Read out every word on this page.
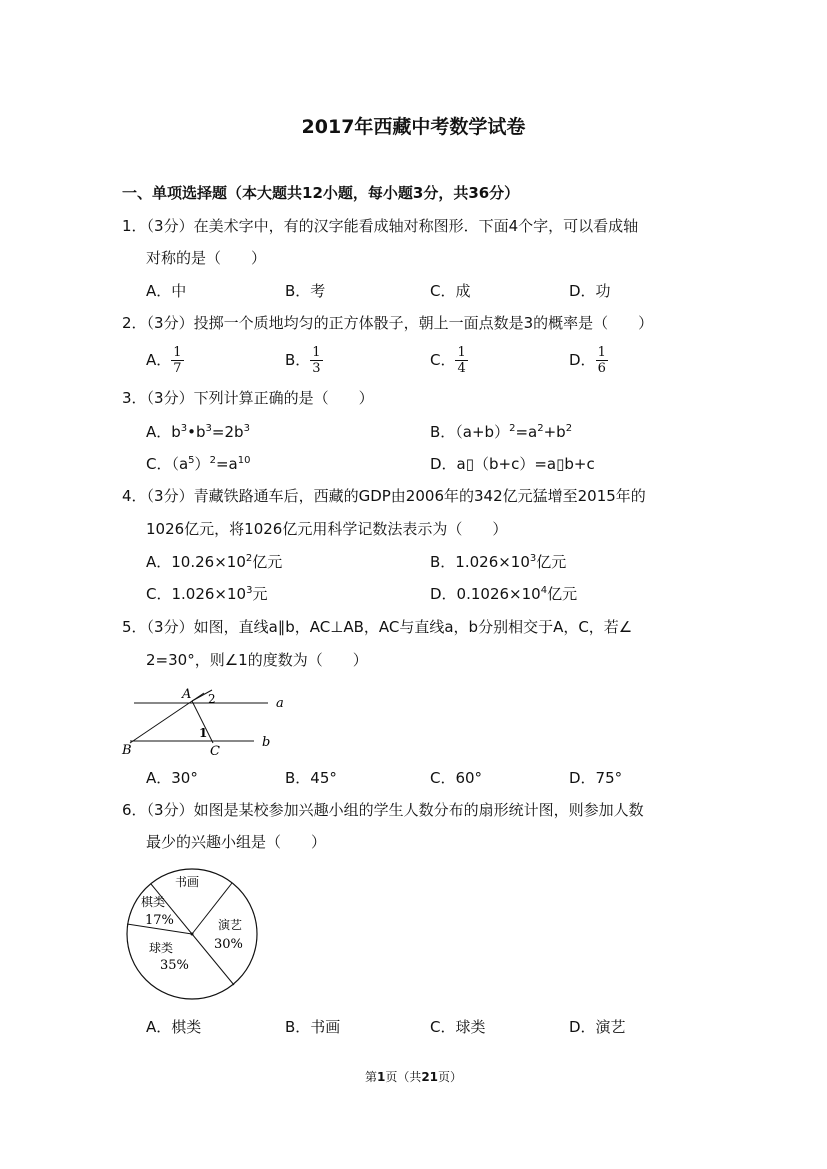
2017年西藏中考数学试卷
一、单项选择题（本大题共12小题，每小题3分，共36分）
1．（3分）在美术字中，有的汉字能看成轴对称图形．下面4个字，可以看成轴
对称的是（　　）
A．中	B．考	C．成	D．功
2．（3分）投掷一个质地均匀的正方体骰子，朝上一面点数是3的概率是（　　）
A． $\frac{1}{7}$	B． $\frac{1}{3}$	C． $\frac{1}{4}$	D． $\frac{1}{6}$
3．（3分）下列计算正确的是（　　）
A．$b^3•b^3=2b^3$	B．$(a+b)^2=a^2+b^2$
C．$(a^5)^2=a^{10}$	D．a▯（b+c）=a▯b+c
4．（3分）青藏铁路通车后，西藏的GDP由2006年的342亿元猛增至2015年的
1026亿元，将1026亿元用科学记数法表示为（　　）
A．$10.26\times 10^2$亿元	B．$1.026\times 10^3$亿元
C．$1.026\times 10^3$元	D．$0.1026\times 10^4$亿元
5．（3分）如图，直线a∥b，AC⊥AB，AC与直线a，b分别相交于A，C，若∠
2=30°，则∠1的度数为（　　）
A 2	a
1
B	C
b
A．30°	B．45°	C．60°	D．75°
6．（3分）如图是某校参加兴趣小组的学生人数分布的扇形统计图，则参加人数
最少的兴趣小组是（　　）
书画
棋类
17%	演艺
30%
球类
35%
A．棋类	B．书画	C．球类	D．演艺
第1页（共21页）
